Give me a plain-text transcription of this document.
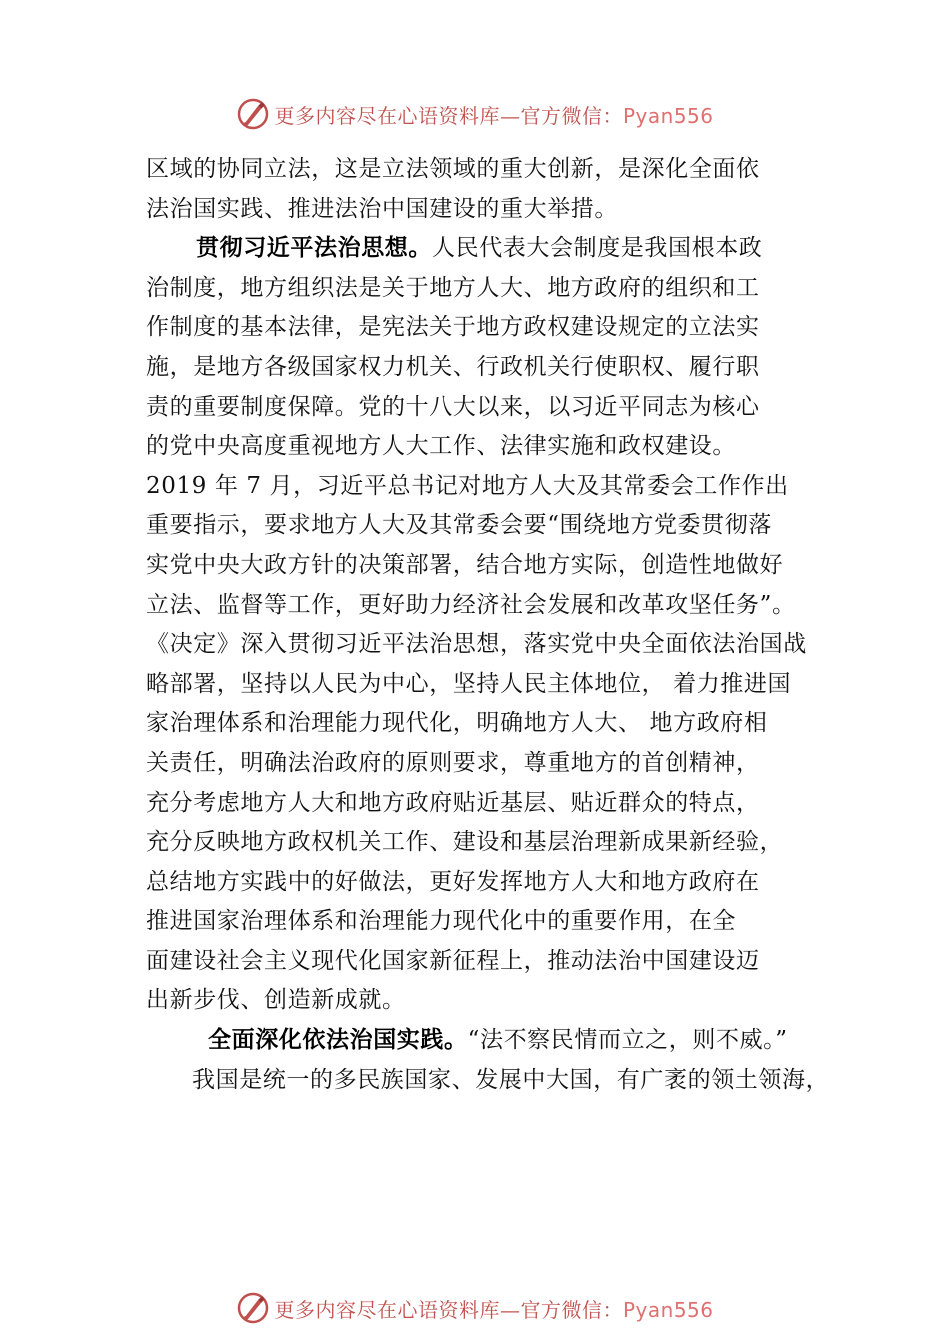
更多内容尽在心语资料库—官方微信：Pyan556
区域的协同立法，这是立法领域的重大创新，是深化全面依
法治国实践、推进法治中国建设的重大举措。
贯彻习近平法治思想。人民代表大会制度是我国根本政
治制度，地方组织法是关于地方人大、地方政府的组织和工
作制度的基本法律，是宪法关于地方政权建设规定的立法实
施，是地方各级国家权力机关、行政机关行使职权、履行职
责的重要制度保障。党的十八大以来，以习近平同志为核心
的党中央高度重视地方人大工作、法律实施和政权建设。
2019 年 7 月，习近平总书记对地方人大及其常委会工作作出
重要指示，要求地方人大及其常委会要“围绕地方党委贯彻落
实党中央大政方针的决策部署，结合地方实际，创造性地做好
立法、监督等工作，更好助力经济社会发展和改革攻坚任务”。
《决定》深入贯彻习近平法治思想，落实党中央全面依法治国战
略部署，坚持以人民为中心，坚持人民主体地位， 着力推进国
家治理体系和治理能力现代化，明确地方人大、 地方政府相
关责任，明确法治政府的原则要求，尊重地方的首创精神，
充分考虑地方人大和地方政府贴近基层、贴近群众的特点，
充分反映地方政权机关工作、建设和基层治理新成果新经验，
总结地方实践中的好做法，更好发挥地方人大和地方政府在
推进国家治理体系和治理能力现代化中的重要作用，在全
面建设社会主义现代化国家新征程上，推动法治中国建设迈
出新步伐、创造新成就。
全面深化依法治国实践。“法不察民情而立之，则不威。”
我国是统一的多民族国家、发展中大国，有广袤的领土领海，
更多内容尽在心语资料库—官方微信：Pyan556
